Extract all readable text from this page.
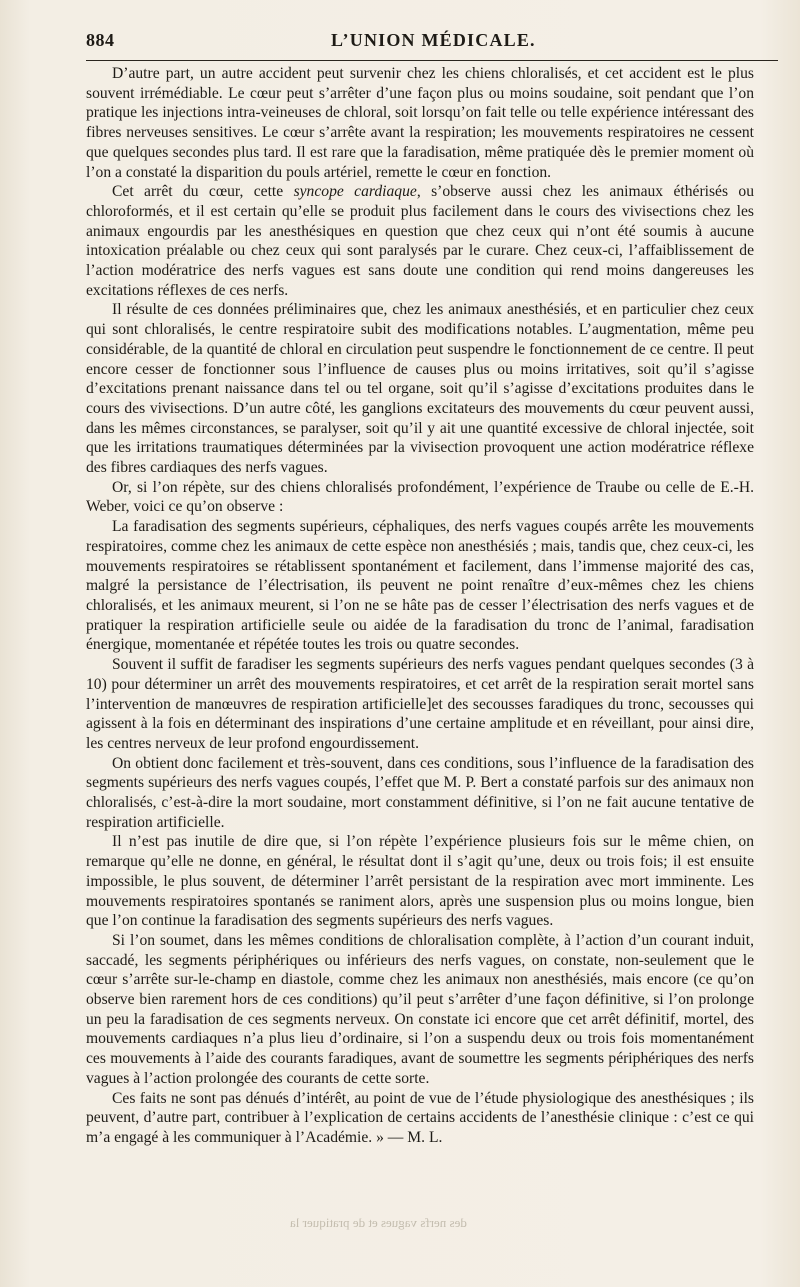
884	L’UNION MÉDICALE.

D’autre part, un autre accident peut survenir chez les chiens chloralisés, et cet accident est le plus souvent irrémédiable. Le cœur peut s’arrêter d’une façon plus ou moins soudaine, soit pendant que l’on pratique les injections intra-veineuses de chloral, soit lorsqu’on fait telle ou telle expérience intéressant des fibres nerveuses sensitives. Le cœur s’arrête avant la respiration; les mouvements respiratoires ne cessent que quelques secondes plus tard. Il est rare que la faradisation, même pratiquée dès le premier moment où l’on a constaté la disparition du pouls artériel, remette le cœur en fonction.

Cet arrêt du cœur, cette syncope cardiaque, s’observe aussi chez les animaux éthérisés ou chloroformés, et il est certain qu’elle se produit plus facilement dans le cours des vivisections chez les animaux engourdis par les anesthésiques en question que chez ceux qui n’ont été soumis à aucune intoxication préalable ou chez ceux qui sont paralysés par le curare. Chez ceux-ci, l’affaiblissement de l’action modératrice des nerfs vagues est sans doute une condition qui rend moins dangereuses les excitations réflexes de ces nerfs.

Il résulte de ces données préliminaires que, chez les animaux anesthésiés, et en particulier chez ceux qui sont chloralisés, le centre respiratoire subit des modifications notables. L’augmentation, même peu considérable, de la quantité de chloral en circulation peut suspendre le fonctionnement de ce centre. Il peut encore cesser de fonctionner sous l’influence de causes plus ou moins irritatives, soit qu’il s’agisse d’excitations prenant naissance dans tel ou tel organe, soit qu’il s’agisse d’excitations produites dans le cours des vivisections. D’un autre côté, les ganglions excitateurs des mouvements du cœur peuvent aussi, dans les mêmes circonstances, se paralyser, soit qu’il y ait une quantité excessive de chloral injectée, soit que les irritations traumatiques déterminées par la vivisection provoquent une action modératrice réflexe des fibres cardiaques des nerfs vagues.

Or, si l’on répète, sur des chiens chloralisés profondément, l’expérience de Traube ou celle de E.-H. Weber, voici ce qu’on observe :

La faradisation des segments supérieurs, céphaliques, des nerfs vagues coupés arrête les mouvements respiratoires, comme chez les animaux de cette espèce non anesthésiés ; mais, tandis que, chez ceux-ci, les mouvements respiratoires se rétablissent spontanément et facilement, dans l’immense majorité des cas, malgré la persistance de l’électrisation, ils peuvent ne point renaître d’eux-mêmes chez les chiens chloralisés, et les animaux meurent, si l’on ne se hâte pas de cesser l’électrisation des nerfs vagues et de pratiquer la respiration artificielle seule ou aidée de la faradisation du tronc de l’animal, faradisation énergique, momentanée et répétée toutes les trois ou quatre secondes.

Souvent il suffit de faradiser les segments supérieurs des nerfs vagues pendant quelques secondes (3 à 10) pour déterminer un arrêt des mouvements respiratoires, et cet arrêt de la respiration serait mortel sans l’intervention de manœuvres de respiration artificielle]et des secousses faradiques du tronc, secousses qui agissent à la fois en déterminant des inspirations d’une certaine amplitude et en réveillant, pour ainsi dire, les centres nerveux de leur profond engourdissement.

On obtient donc facilement et très-souvent, dans ces conditions, sous l’influence de la faradisation des segments supérieurs des nerfs vagues coupés, l’effet que M. P. Bert a constaté parfois sur des animaux non chloralisés, c’est-à-dire la mort soudaine, mort constamment définitive, si l’on ne fait aucune tentative de respiration artificielle.

Il n’est pas inutile de dire que, si l’on répète l’expérience plusieurs fois sur le même chien, on remarque qu’elle ne donne, en général, le résultat dont il s’agit qu’une, deux ou trois fois; il est ensuite impossible, le plus souvent, de déterminer l’arrêt persistant de la respiration avec mort imminente. Les mouvements respiratoires spontanés se raniment alors, après une suspension plus ou moins longue, bien que l’on continue la faradisation des segments supérieurs des nerfs vagues.

Si l’on soumet, dans les mêmes conditions de chloralisation complète, à l’action d’un courant induit, saccadé, les segments périphériques ou inférieurs des nerfs vagues, on constate, non-seulement que le cœur s’arrête sur-le-champ en diastole, comme chez les animaux non anesthésiés, mais encore (ce qu’on observe bien rarement hors de ces conditions) qu’il peut s’arrêter d’une façon définitive, si l’on prolonge un peu la faradisation de ces segments nerveux. On constate ici encore que cet arrêt définitif, mortel, des mouvements cardiaques n’a plus lieu d’ordinaire, si l’on a suspendu deux ou trois fois momentanément ces mouvements à l’aide des courants faradiques, avant de soumettre les segments périphériques des nerfs vagues à l’action prolongée des courants de cette sorte.

Ces faits ne sont pas dénués d’intérêt, au point de vue de l’étude physiologique des anesthésiques ; ils peuvent, d’autre part, contribuer à l’explication de certains accidents de l’anesthésie clinique : c’est ce qui m’a engagé à les communiquer à l’Académie. » — M. L.

des nerfs vagues et de pratiquer la
